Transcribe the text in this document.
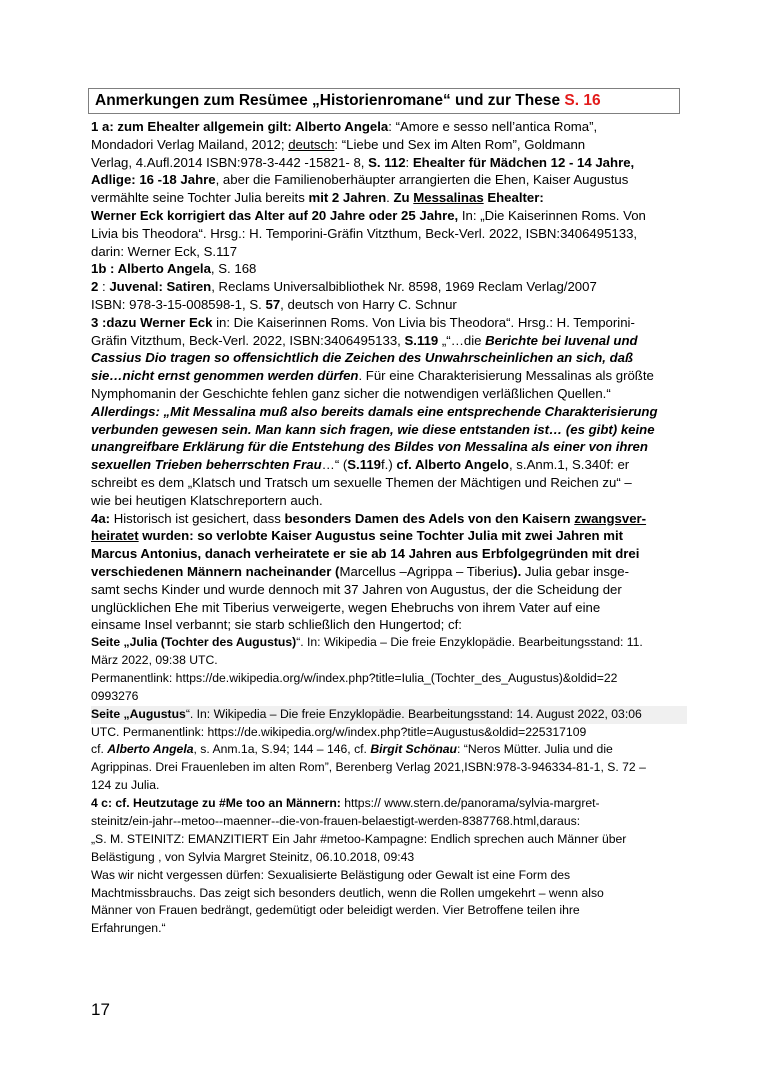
Anmerkungen zum Resümee „Historienromane“ und zur These S. 16
1 a: zum Ehealter allgemein gilt: Alberto Angela: “Amore e sesso nell’antica Roma”,
Mondadori Verlag Mailand, 2012; deutsch: “Liebe und Sex im Alten Rom”, Goldmann
Verlag, 4.Aufl.2014 ISBN:978-3-442 -15821- 8, S. 112: Ehealter für Mädchen 12 - 14 Jahre,
Adlige: 16 -18 Jahre, aber die Familienoberhäupter arrangierten die Ehen, Kaiser Augustus
vermählte seine Tochter Julia bereits mit 2 Jahren. Zu Messalinas Ehealter:
Werner Eck korrigiert das Alter auf 20 Jahre oder 25 Jahre, In: „Die Kaiserinnen Roms. Von
Livia bis Theodora“. Hrsg.: H. Temporini-Gräfin Vitzthum, Beck-Verl. 2022, ISBN:3406495133,
darin: Werner Eck, S.117
1b : Alberto Angela, S. 168
2 : Juvenal: Satiren, Reclams Universalbibliothek Nr. 8598, 1969 Reclam Verlag/2007
ISBN: 978-3-15-008598-1, S. 57, deutsch von Harry C. Schnur
3 :dazu Werner Eck in: Die Kaiserinnen Roms. Von Livia bis Theodora“. Hrsg.: H. Temporini-
Gräfin Vitzthum, Beck-Verl. 2022, ISBN:3406495133, S.119 „“…die Berichte bei Iuvenal und
Cassius Dio tragen so offensichtlich die Zeichen des Unwahrscheinlichen an sich, daß
sie…nicht ernst genommen werden dürfen. Für eine Charakterisierung Messalinas als größte
Nymphomanin der Geschichte fehlen ganz sicher die notwendigen verläßlichen Quellen.“
Allerdings: „Mit Messalina muß also bereits damals eine entsprechende Charakterisierung
verbunden gewesen sein. Man kann sich fragen, wie diese entstanden ist… (es gibt) keine
unangreifbare Erklärung für die Entstehung des Bildes von Messalina als einer von ihren
sexuellen Trieben beherrschten Frau…“ (S.119f.) cf. Alberto Angelo, s.Anm.1, S.340f: er
schreibt es dem „Klatsch und Tratsch um sexuelle Themen der Mächtigen und Reichen zu“ –
wie bei heutigen Klatschreportern auch.
4a: Historisch ist gesichert, dass besonders Damen des Adels von den Kaisern zwangsver-
heiratet wurden: so verlobte Kaiser Augustus seine Tochter Julia mit zwei Jahren mit
Marcus Antonius, danach verheiratete er sie ab 14 Jahren aus Erbfolgegründen mit drei
verschiedenen Männern nacheinander (Marcellus –Agrippa – Tiberius). Julia gebar insge-
samt sechs Kinder und wurde dennoch mit 37 Jahren von Augustus, der die Scheidung der
unglücklichen Ehe mit Tiberius verweigerte, wegen Ehebruchs von ihrem Vater auf eine
einsame Insel verbannt; sie starb schließlich den Hungertod; cf:
Seite „Julia (Tochter des Augustus)“. In: Wikipedia – Die freie Enzyklopädie. Bearbeitungsstand: 11.
März 2022, 09:38 UTC.
Permanentlink: https://de.wikipedia.org/w/index.php?title=Iulia_(Tochter_des_Augustus)&oldid=22
0993276
Seite „Augustus“. In: Wikipedia – Die freie Enzyklopädie. Bearbeitungsstand: 14. August 2022, 03:06
UTC. Permanentlink: https://de.wikipedia.org/w/index.php?title=Augustus&oldid=225317109
cf. Alberto Angela, s. Anm.1a, S.94; 144 – 146, cf. Birgit Schönau: “Neros Mütter. Julia und die
Agrippinas. Drei Frauenleben im alten Rom”, Berenberg Verlag 2021,ISBN:978-3-946334-81-1, S. 72 –
124 zu Julia.
4 c: cf. Heutzutage zu #Me too an Männern: https:// www.stern.de/panorama/sylvia-margret-
steinitz/ein-jahr--metoo--maenner--die-von-frauen-belaestigt-werden-8387768.html,daraus:
„S. M. STEINITZ: EMANZITIERT Ein Jahr #metoo-Kampagne: Endlich sprechen auch Männer über
Belästigung , von Sylvia Margret Steinitz, 06.10.2018, 09:43
Was wir nicht vergessen dürfen: Sexualisierte Belästigung oder Gewalt ist eine Form des
Machtmissbrauchs. Das zeigt sich besonders deutlich, wenn die Rollen umgekehrt – wenn also
Männer von Frauen bedrängt, gedemütigt oder beleidigt werden. Vier Betroffene teilen ihre
Erfahrungen.“
17
